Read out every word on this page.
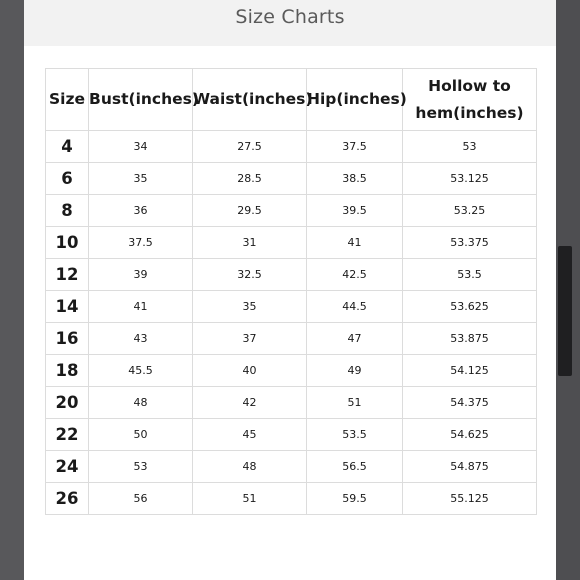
Size Charts
Size	Bust(inches)	Waist(inches)	Hip(inches)	Hollow to hem(inches)
4	34	27.5	37.5	53
6	35	28.5	38.5	53.125
8	36	29.5	39.5	53.25
10	37.5	31	41	53.375
12	39	32.5	42.5	53.5
14	41	35	44.5	53.625
16	43	37	47	53.875
18	45.5	40	49	54.125
20	48	42	51	54.375
22	50	45	53.5	54.625
24	53	48	56.5	54.875
26	56	51	59.5	55.125
